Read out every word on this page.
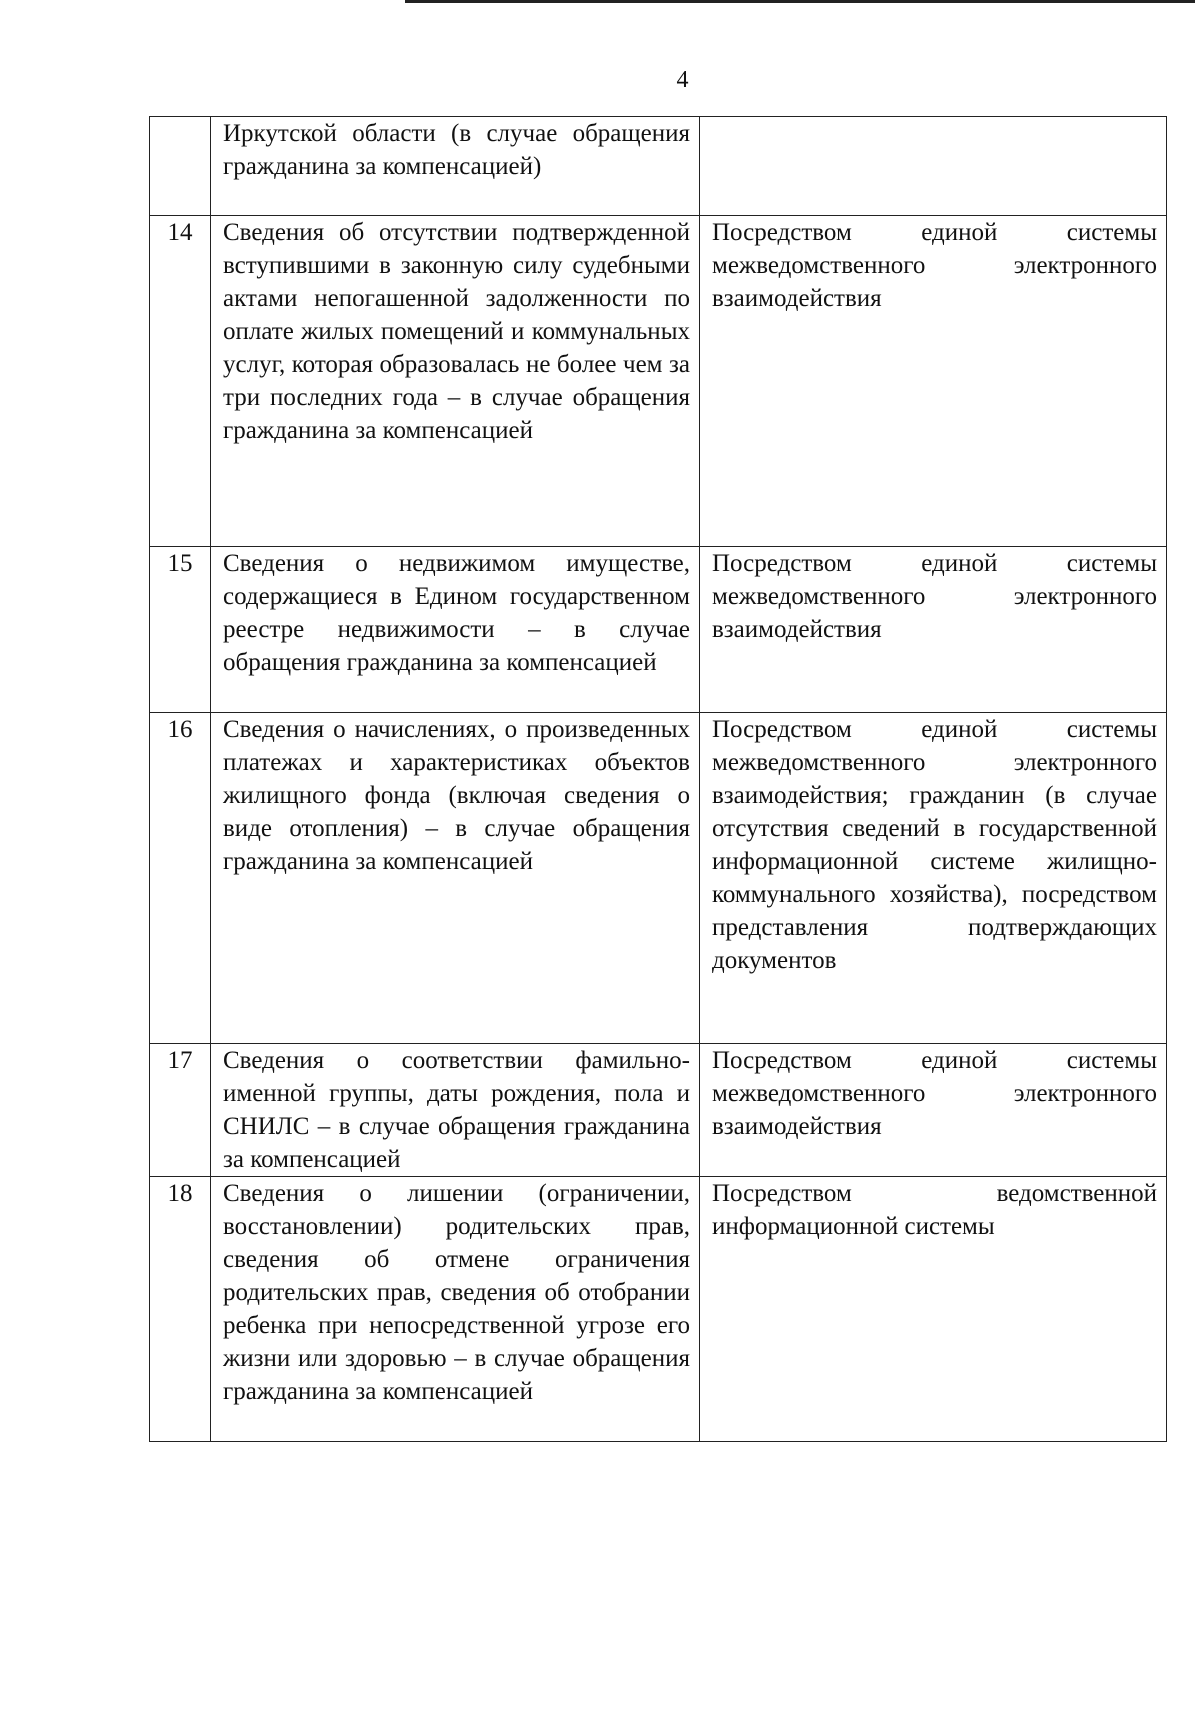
4

	Иркутской области (в случае обращения гражданина за компенсацией)	

14	Сведения об отсутствии подтвержденной вступившими в законную силу судебными актами непогашенной задолженности по оплате жилых помещений и коммунальных услуг, которая образовалась не более чем за три последних года – в случае обращения гражданина за компенсацией	Посредством единой системы межведомственного электронного взаимодействия

15	Сведения о недвижимом имуществе, содержащиеся в Едином государственном реестре недвижимости – в случае обращения гражданина за компенсацией	Посредством единой системы межведомственного электронного взаимодействия

16	Сведения о начислениях, о произведенных платежах и характеристиках объектов жилищного фонда (включая сведения о виде отопления) – в случае обращения гражданина за компенсацией	Посредством единой системы межведомственного электронного взаимодействия; гражданин (в случае отсутствия сведений в государственной информационной системе жилищно-коммунального хозяйства), посредством представления подтверждающих документов

17	Сведения о соответствии фамильно-именной группы, даты рождения, пола и СНИЛС – в случае обращения гражданина за компенсацией	Посредством единой системы межведомственного электронного взаимодействия

18	Сведения о лишении (ограничении, восстановлении) родительских прав, сведения об отмене ограничения родительских прав, сведения об отобрании ребенка при непосредственной угрозе его жизни или здоровью – в случае обращения гражданина за компенсацией	Посредством ведомственной информационной системы
